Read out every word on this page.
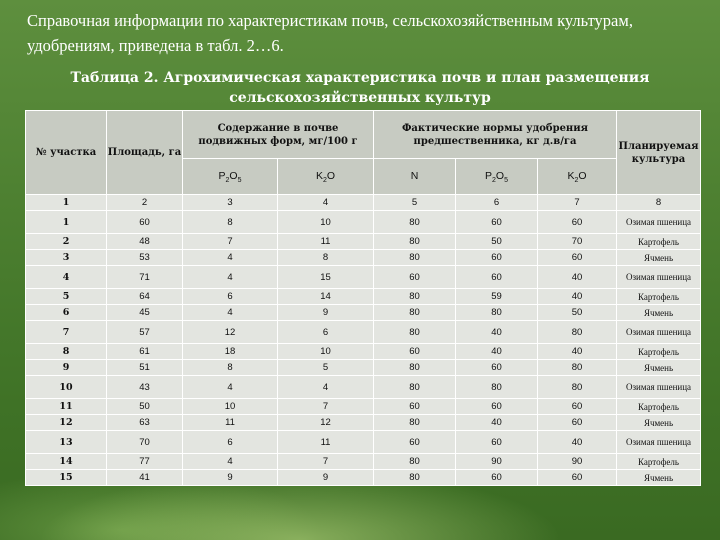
Справочная информации по характеристикам почв, сельскохозяйственным культурам, удобрениям, приведена в табл. 2…6.

Таблица 2. Агрохимическая характеристика почв и план размещения сельскохозяйственных культур

№ участка	Площадь, га	Содержание в почве подвижных форм, мг/100 г		Фактические нормы удобрения предшественника, кг д.в/га			Планируемая культура
		$P_2O_5$	$K_2O$	N	$P_2O_5$	$K_2O$	
1	2	3	4	5	6	7	8
1	60	8	10	80	60	60	Озимая пшеница
2	48	7	11	80	50	70	Картофель
3	53	4	8	80	60	60	Ячмень
4	71	4	15	60	60	40	Озимая пшеница
5	64	6	14	80	59	40	Картофель
6	45	4	9	80	80	50	Ячмень
7	57	12	6	80	40	80	Озимая пшеница
8	61	18	10	60	40	40	Картофель
9	51	8	5	80	60	80	Ячмень
10	43	4	4	80	80	80	Озимая пшеница
11	50	10	7	60	60	60	Картофель
12	63	11	12	80	40	60	Ячмень
13	70	6	11	60	60	40	Озимая пшеница
14	77	4	7	80	90	90	Картофель
15	41	9	9	80	60	60	Ячмень
